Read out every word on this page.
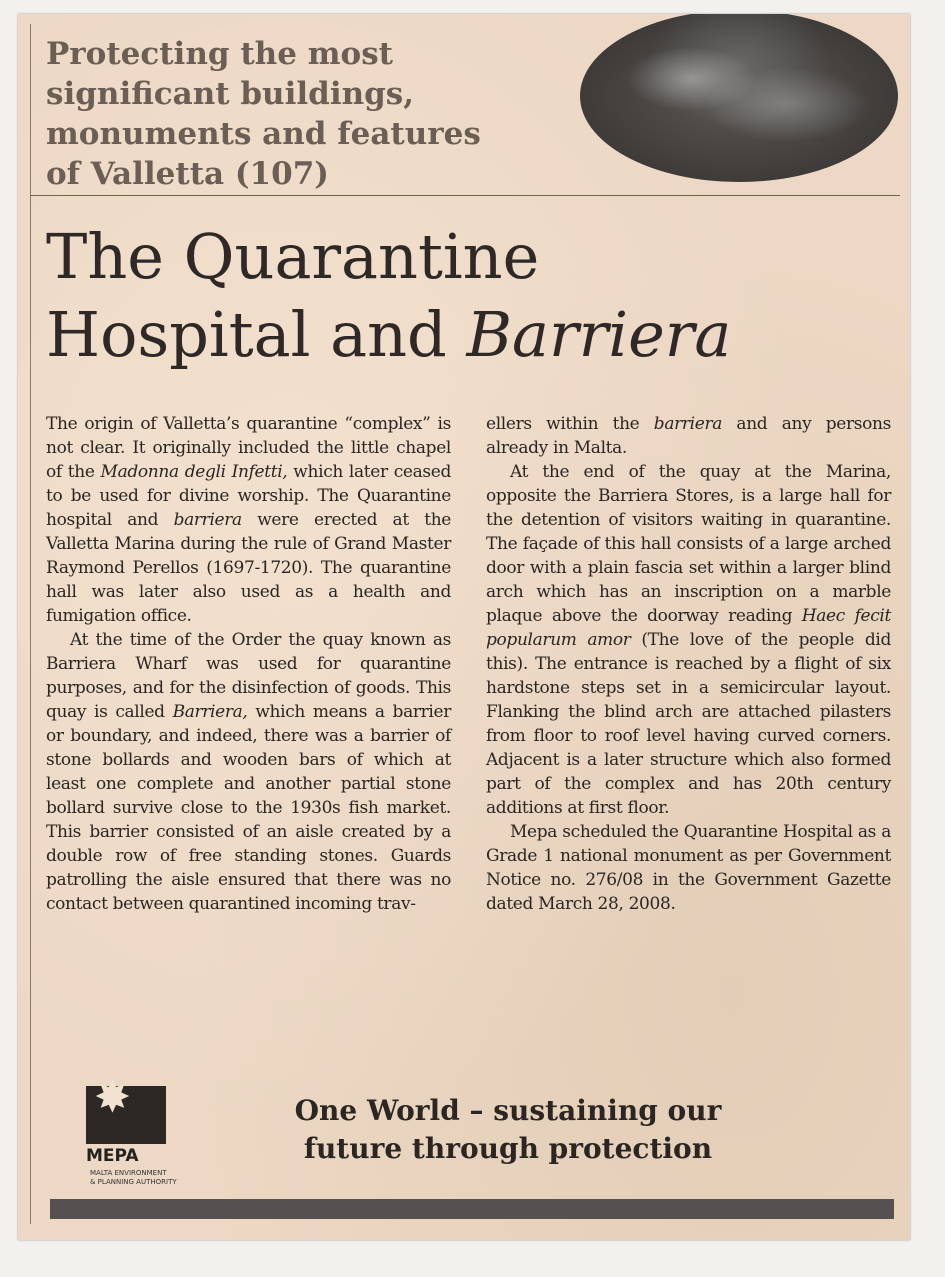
Protecting the most
significant buildings,
monuments and features
of Valletta (107)
The Quarantine
Hospital and Barriera

The origin of Valletta’s quarantine “complex” is not clear. It originally included the little chapel of the Madonna degli Infetti, which later ceased to be used for divine worship. The Quarantine hospital and barriera were erected at the Valletta Marina during the rule of Grand Master Raymond Perellos (1697-1720). The quarantine hall was later also used as a health and fumigation office.

At the time of the Order the quay known as Barriera Wharf was used for quarantine purposes, and for the disinfection of goods. This quay is called Barriera, which means a barrier or boundary, and indeed, there was a barrier of stone bollards and wooden bars of which at least one complete and another partial stone bollard survive close to the 1930s fish market. This barrier consisted of an aisle created by a double row of free standing stones. Guards patrolling the aisle ensured that there was no contact between quarantined incoming trav-

ellers within the barriera and any persons already in Malta.

At the end of the quay at the Marina, opposite the Barriera Stores, is a large hall for the detention of visitors waiting in quarantine. The façade of this hall consists of a large arched door with a plain fascia set within a larger blind arch which has an inscription on a marble plaque above the doorway reading Haec fecit popularum amor (The love of the people did this). The entrance is reached by a flight of six hardstone steps set in a semicircular layout. Flanking the blind arch are attached pilasters from floor to roof level having curved corners. Adjacent is a later structure which also formed part of the complex and has 20th century additions at first floor.

Mepa scheduled the Quarantine Hospital as a Grade 1 national monument as per Government Notice no. 276/08 in the Government Gazette dated March 28, 2008.

✸
MEPA
MALTA ENVIRONMENT
& PLANNING AUTHORITY

One World – sustaining our
future through protection
